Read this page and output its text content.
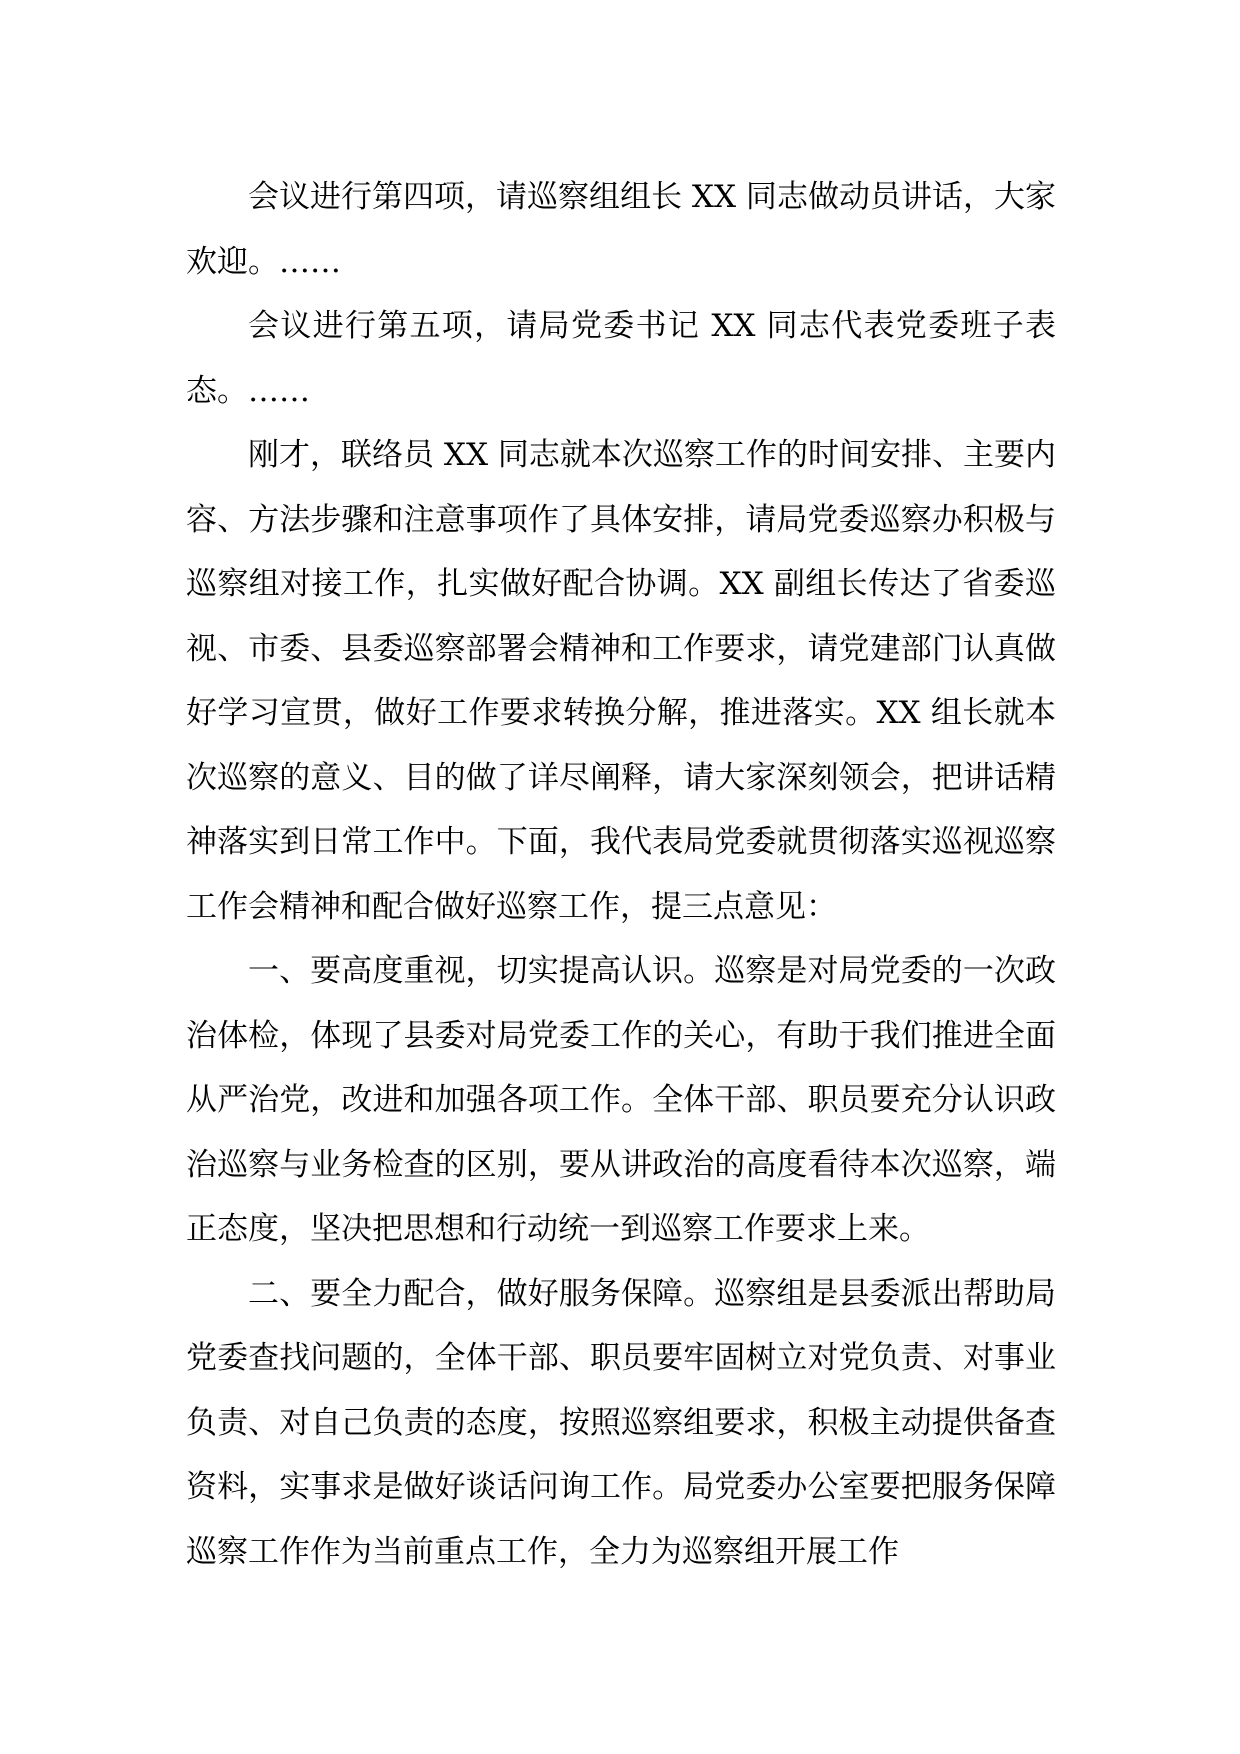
会议进行第四项，请巡察组组长 XX 同志做动员讲话，大家欢迎。……

会议进行第五项，请局党委书记 XX 同志代表党委班子表态。……

刚才，联络员 XX 同志就本次巡察工作的时间安排、主要内容、方法步骤和注意事项作了具体安排，请局党委巡察办积极与巡察组对接工作，扎实做好配合协调。XX 副组长传达了省委巡视、市委、县委巡察部署会精神和工作要求，请党建部门认真做好学习宣贯，做好工作要求转换分解，推进落实。XX 组长就本次巡察的意义、目的做了详尽阐释，请大家深刻领会，把讲话精神落实到日常工作中。下面，我代表局党委就贯彻落实巡视巡察工作会精神和配合做好巡察工作，提三点意见：

一、要高度重视，切实提高认识。巡察是对局党委的一次政治体检，体现了县委对局党委工作的关心，有助于我们推进全面从严治党，改进和加强各项工作。全体干部、职员要充分认识政治巡察与业务检查的区别，要从讲政治的高度看待本次巡察，端正态度，坚决把思想和行动统一到巡察工作要求上来。

二、要全力配合，做好服务保障。巡察组是县委派出帮助局党委查找问题的，全体干部、职员要牢固树立对党负责、对事业负责、对自己负责的态度，按照巡察组要求，积极主动提供备查资料，实事求是做好谈话问询工作。局党委办公室要把服务保障巡察工作作为当前重点工作，全力为巡察组开展工作
